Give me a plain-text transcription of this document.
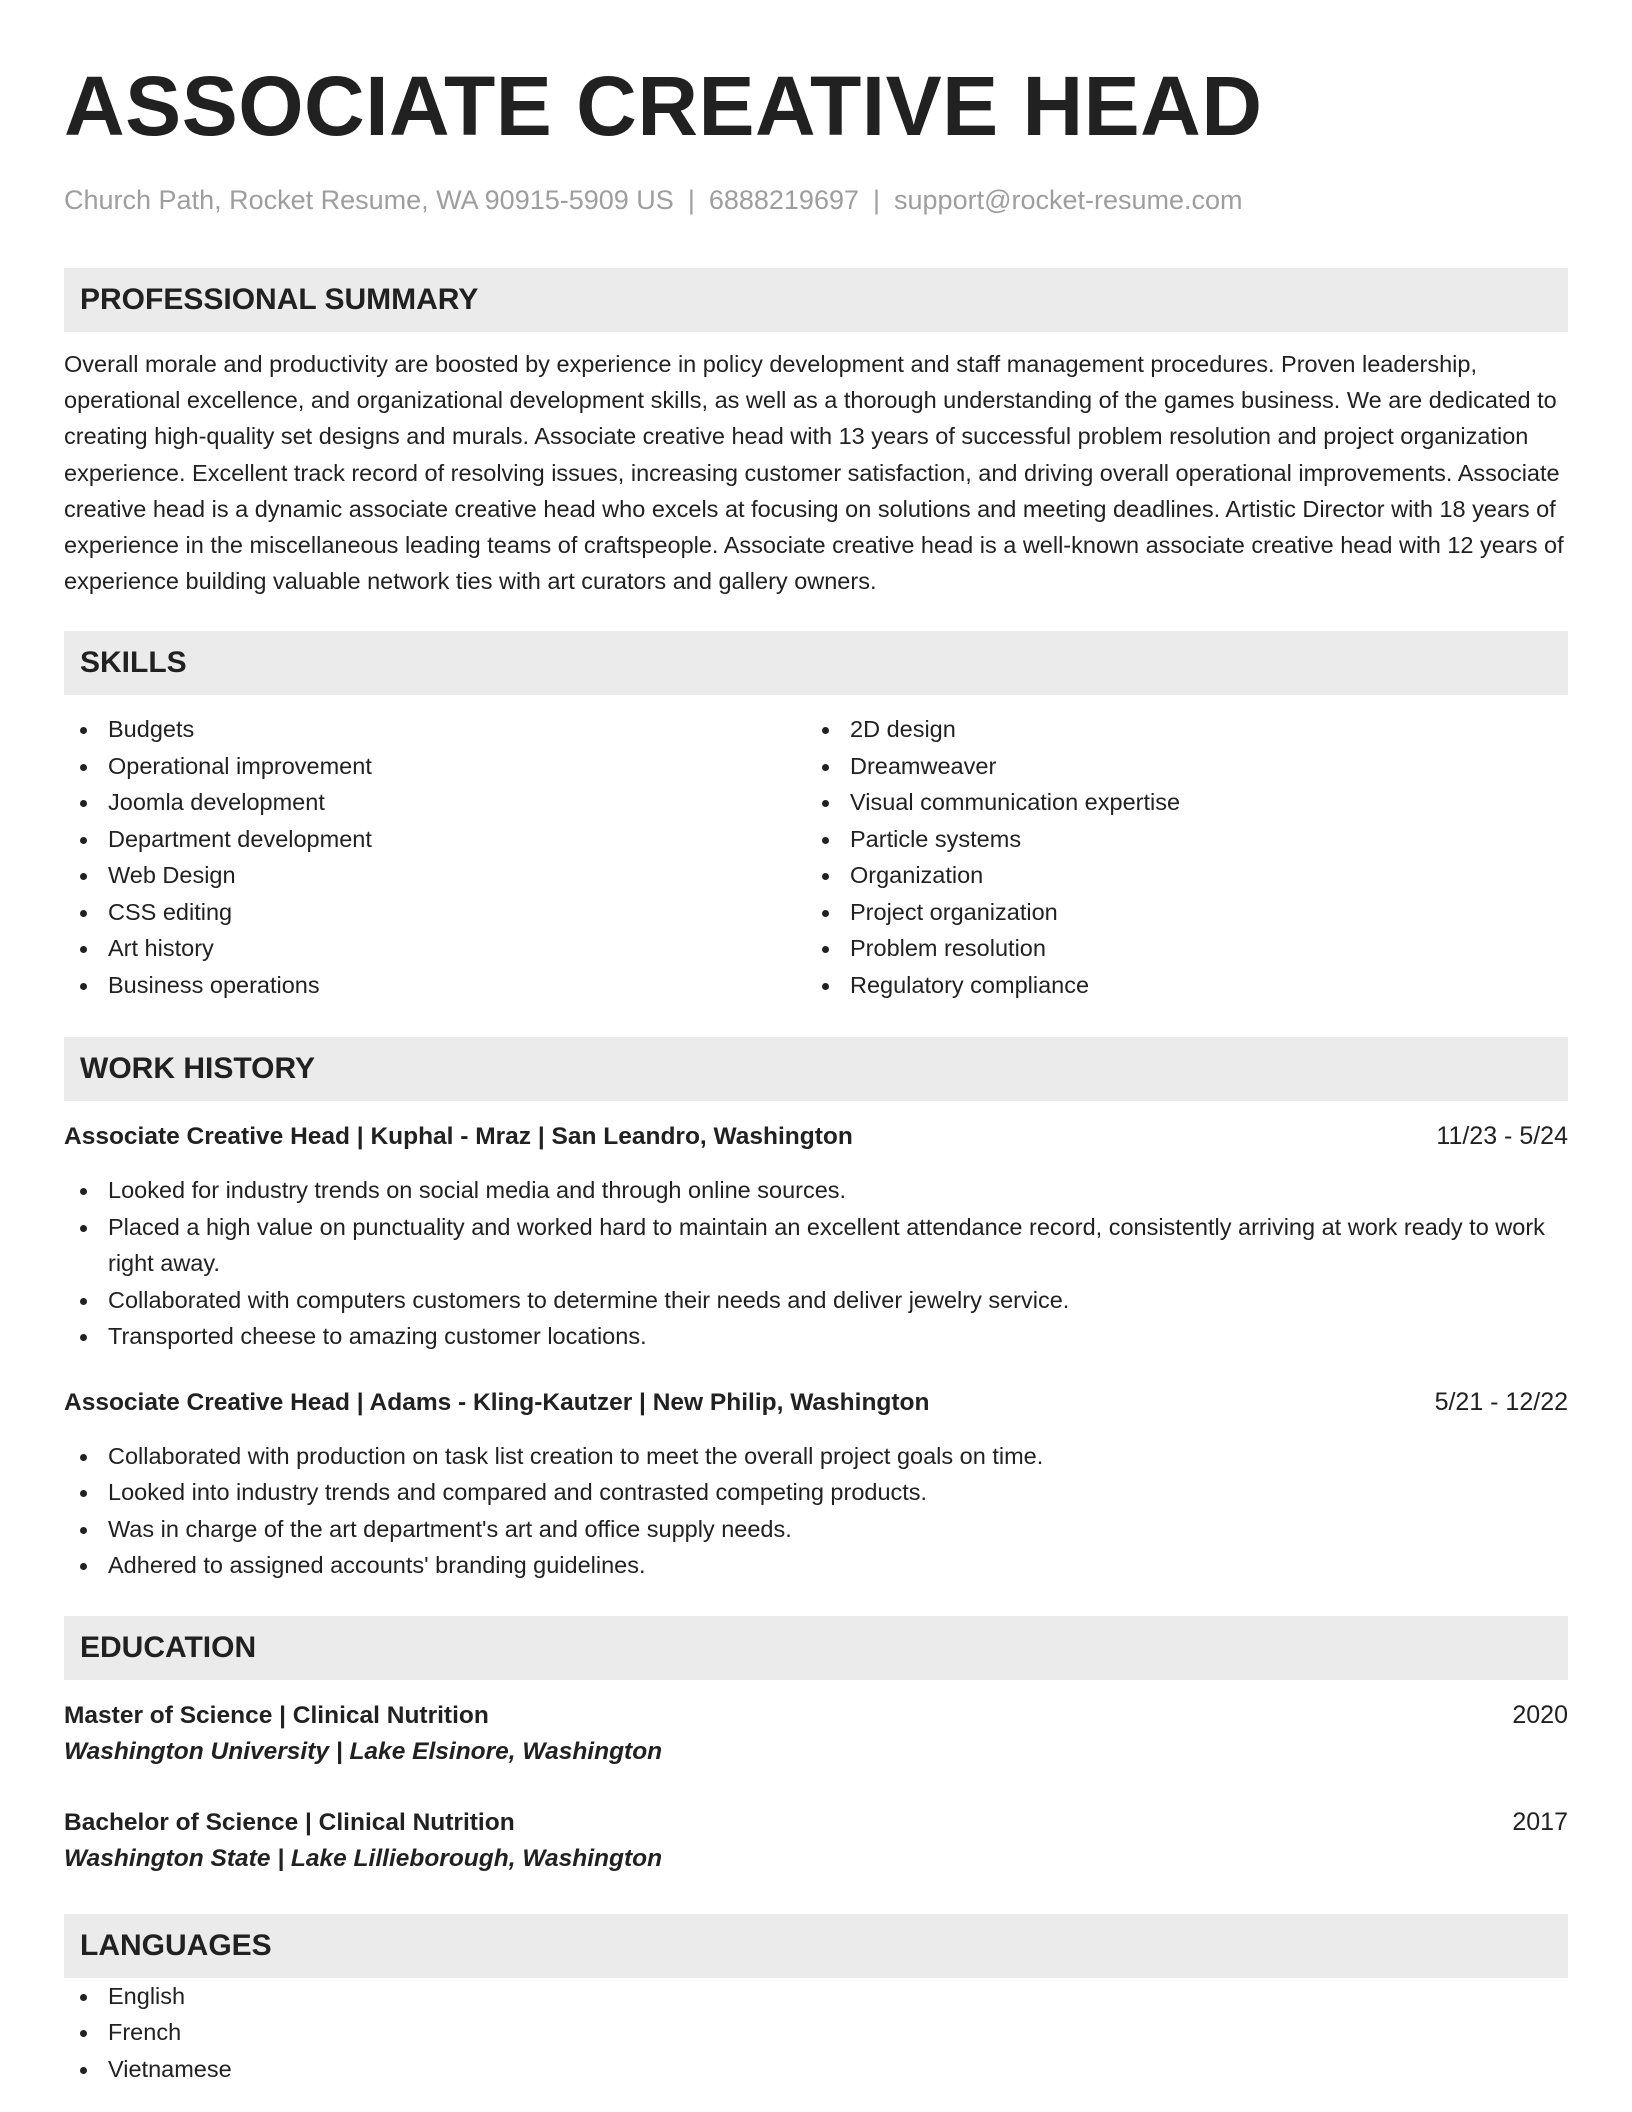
ASSOCIATE CREATIVE HEAD
Church Path, Rocket Resume, WA 90915-5909 US | 6888219697 | support@rocket-resume.com
PROFESSIONAL SUMMARY

Overall morale and productivity are boosted by experience in policy development and staff management procedures. Proven leadership, operational excellence, and organizational development skills, as well as a thorough understanding of the games business. We are dedicated to creating high-quality set designs and murals. Associate creative head with 13 years of successful problem resolution and project organization experience. Excellent track record of resolving issues, increasing customer satisfaction, and driving overall operational improvements. Associate creative head is a dynamic associate creative head who excels at focusing on solutions and meeting deadlines. Artistic Director with 18 years of experience in the miscellaneous leading teams of craftspeople. Associate creative head is a well-known associate creative head with 12 years of experience building valuable network ties with art curators and gallery owners.

SKILLS
Budgets
Operational improvement
Joomla development
Department development
Web Design
CSS editing
Art history
Business operations
2D design
Dreamweaver
Visual communication expertise
Particle systems
Organization
Project organization
Problem resolution
Regulatory compliance
WORK HISTORY
Associate Creative Head | Kuphal - Mraz | San Leandro, Washington	11/23 - 5/24
Looked for industry trends on social media and through online sources.
Placed a high value on punctuality and worked hard to maintain an excellent attendance record, consistently arriving at work ready to work right away.
Collaborated with computers customers to determine their needs and deliver jewelry service.
Transported cheese to amazing customer locations.
Associate Creative Head | Adams - Kling-Kautzer | New Philip, Washington	5/21 - 12/22
Collaborated with production on task list creation to meet the overall project goals on time.
Looked into industry trends and compared and contrasted competing products.
Was in charge of the art department's art and office supply needs.
Adhered to assigned accounts' branding guidelines.
EDUCATION
Master of Science | Clinical Nutrition	2020
Washington University | Lake Elsinore, Washington
Bachelor of Science | Clinical Nutrition	2017
Washington State | Lake Lillieborough, Washington
LANGUAGES
English
French
Vietnamese
